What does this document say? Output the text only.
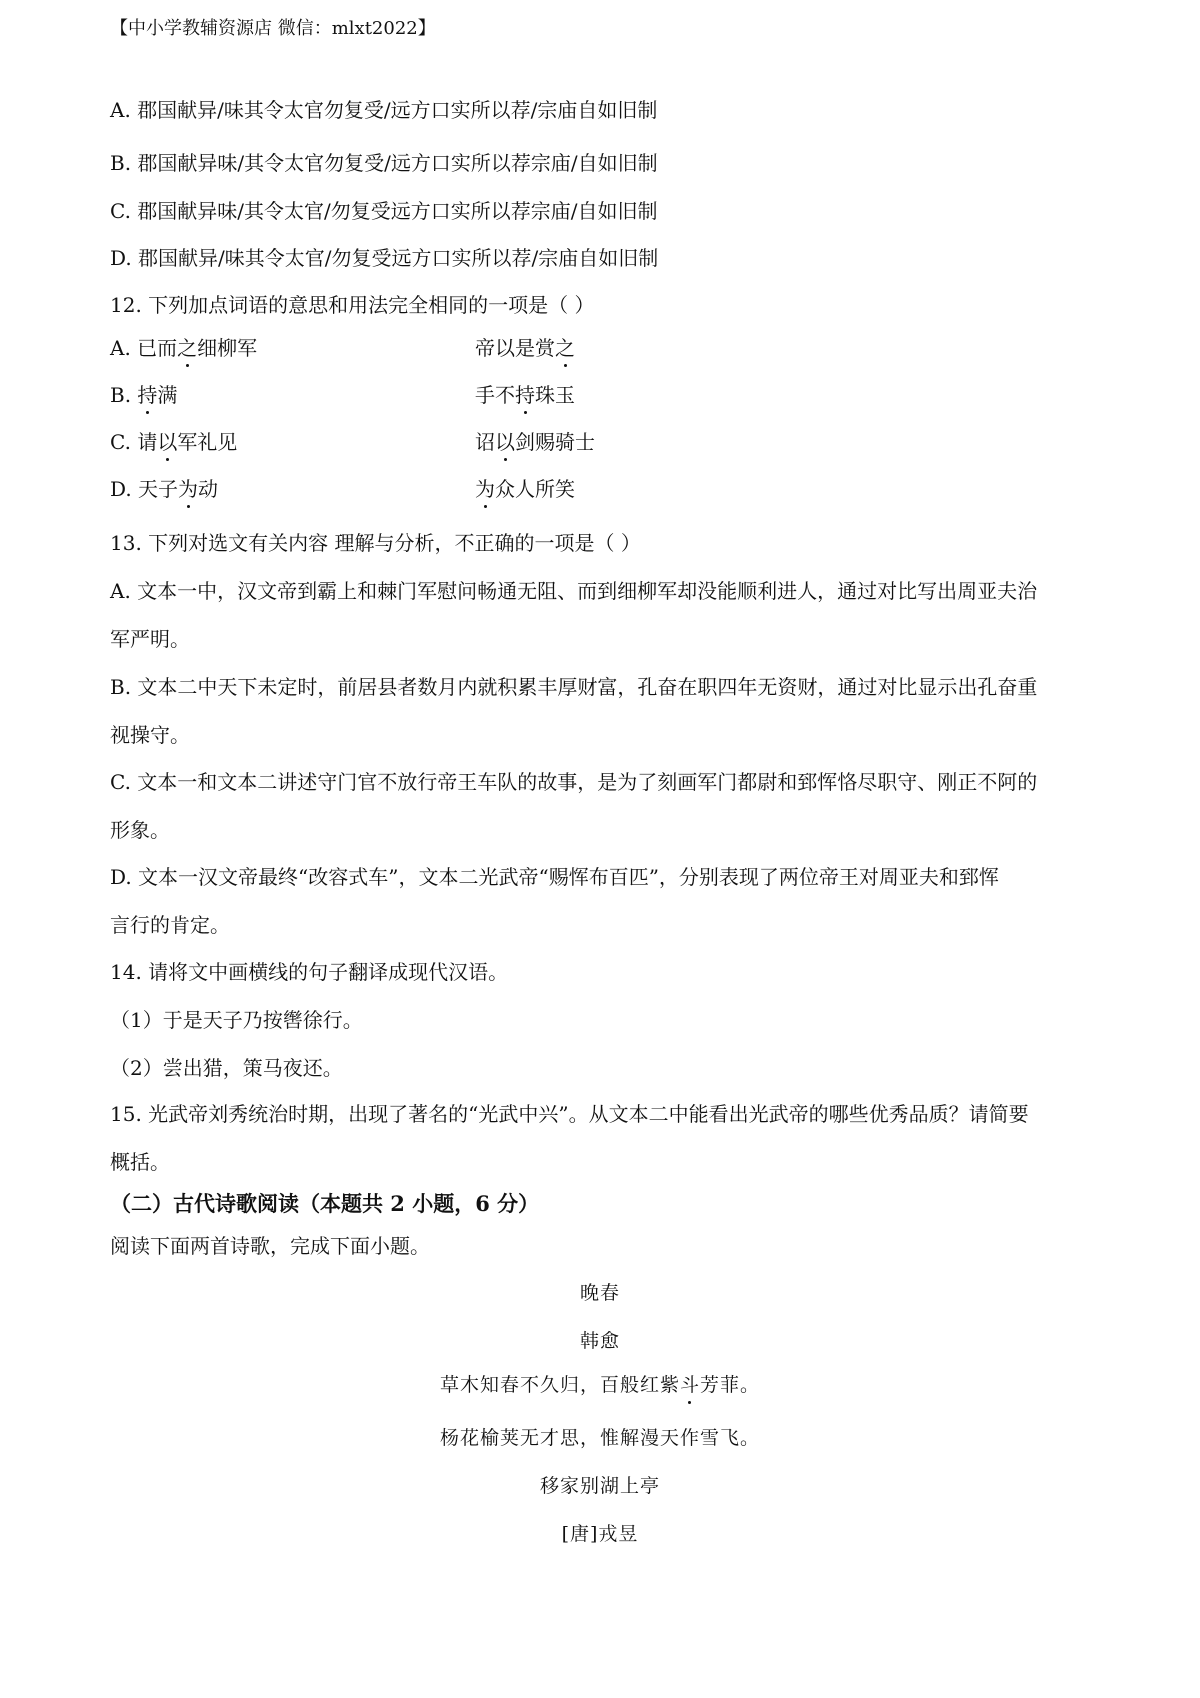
【中小学教辅资源店 微信：mlxt2022】
A. 郡国献异/味其令太官勿复受/远方口实所以荐/宗庙自如旧制
B. 郡国献异味/其令太官勿复受/远方口实所以荐宗庙/自如旧制
C. 郡国献异味/其令太官/勿复受远方口实所以荐宗庙/自如旧制
D. 郡国献异/味其令太官/勿复受远方口实所以荐/宗庙自如旧制
12. 下列加点词语的意思和用法完全相同的一项是（ ）
A. 已而之细柳军	帝以是赏之
B. 持满	手不持珠玉
C. 请以军礼见	诏以剑赐骑士
D. 天子为动	为众人所笑
13. 下列对选文有关内容 理解与分析，不正确的一项是（ ）
A. 文本一中，汉文帝到霸上和棘门军慰问畅通无阻、而到细柳军却没能顺利进人，通过对比写出周亚夫治
军严明。
B. 文本二中天下未定时，前居县者数月内就积累丰厚财富，孔奋在职四年无资财，通过对比显示出孔奋重
视操守。
C. 文本一和文本二讲述守门官不放行帝王车队的故事，是为了刻画军门都尉和郅恽恪尽职守、刚正不阿的
形象。
D. 文本一汉文帝最终“改容式车”，文本二光武帝“赐恽布百匹”，分别表现了两位帝王对周亚夫和郅恽
言行的肯定。
14. 请将文中画横线的句子翻译成现代汉语。
（1）于是天子乃按辔徐行。
（2）尝出猎，策马夜还。
15. 光武帝刘秀统治时期，出现了著名的“光武中兴”。从文本二中能看出光武帝的哪些优秀品质？请简要
概括。
（二）古代诗歌阅读（本题共 2 小题，6 分）
阅读下面两首诗歌，完成下面小题。
晚春
韩愈
草木知春不久归，百般红紫斗芳菲。
杨花榆荚无才思，惟解漫天作雪飞。
移家别湖上亭
[唐]戎昱
